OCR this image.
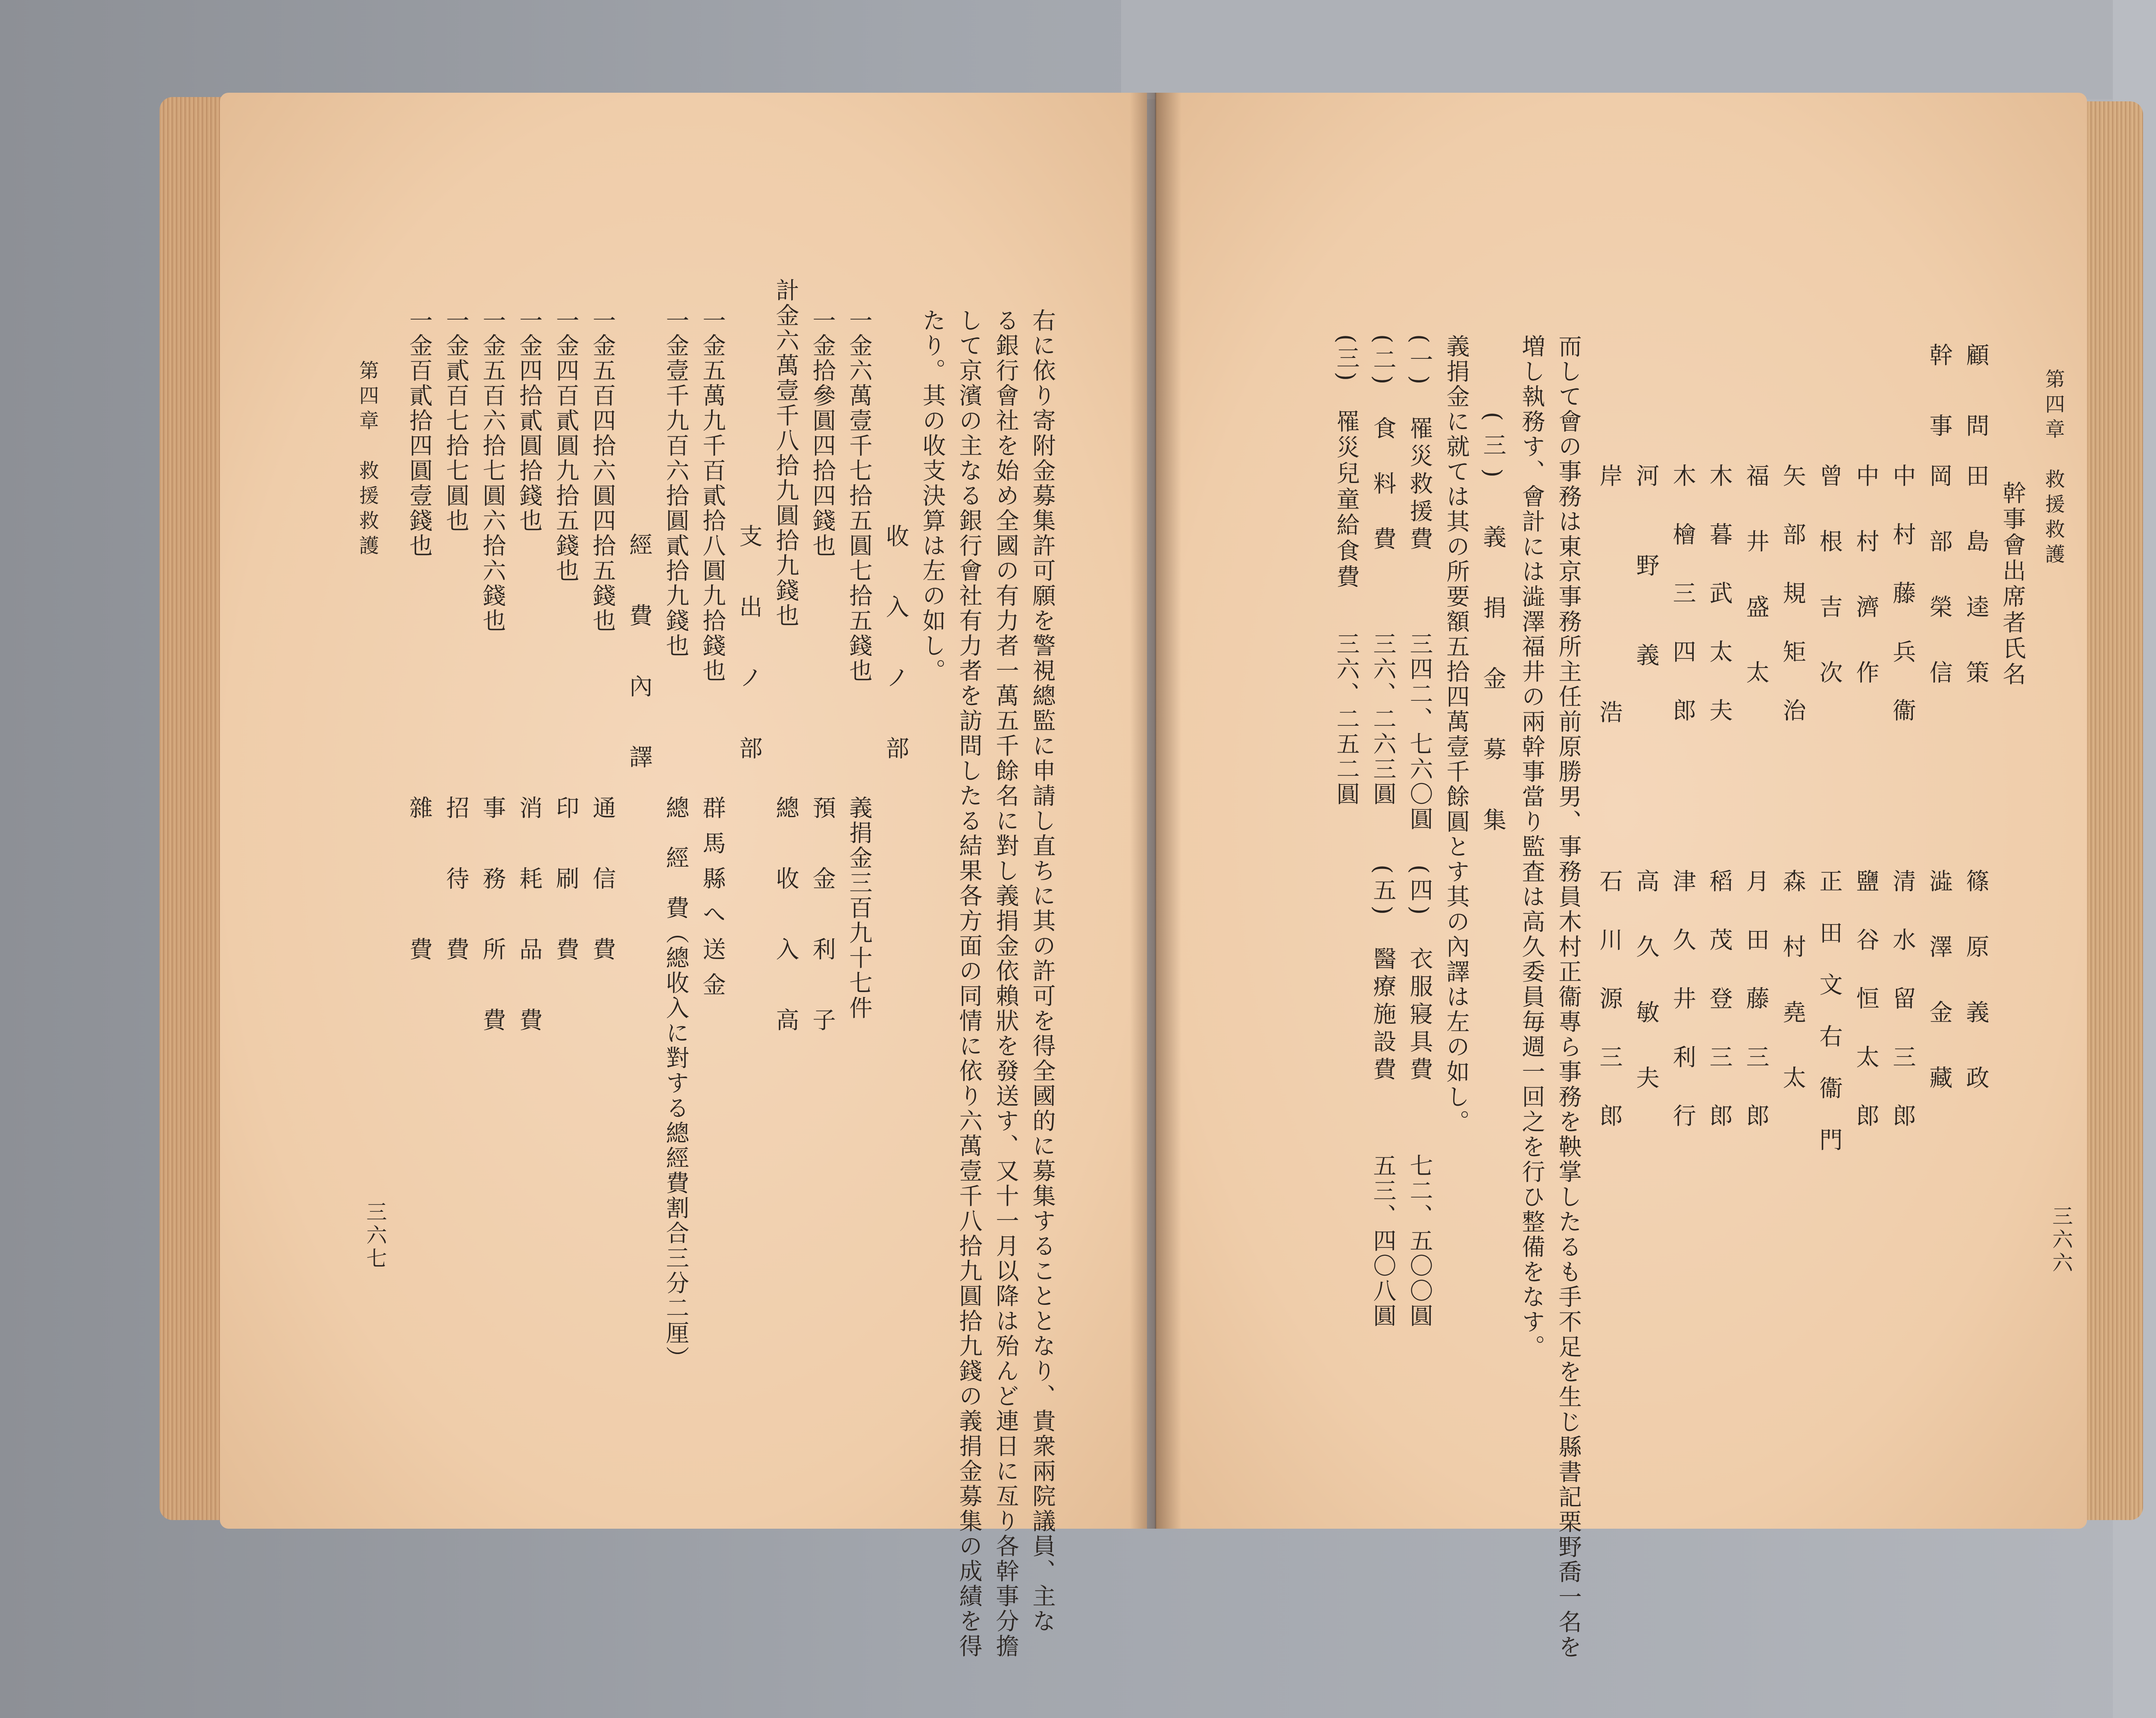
右に依り寄附金募集許可願を警視總監に申請し直ちに其の許可を得全國的に募集することとなり、貴衆兩院議員、主な
る銀行會社を始め全國の有力者一萬五千餘名に對し義捐金依賴狀を發送す、又十一月以降は殆んど連日に亙り各幹事分擔
して京濱の主なる銀行會社有力者を訪問したる結果各方面の同情に依り六萬壹千八拾九圓拾九錢の義捐金募集の成績を得
たり。其の收支決算は左の如し。
收　入　ノ　部
一金六萬壹千七拾五圓七拾五錢也
義捐金三百九十七件
一金拾參圓四拾四錢也
預　金　利　子
計金六萬壹千八拾九圓拾九錢也
總　收　入　高
支　出　ノ　部
一金五萬九千百貳拾八圓九拾錢也
群馬縣へ送金
一金壹千九百六拾圓貳拾九錢也
總　經　費（總收入に對する總經費割合三分二厘）
經　費　內　譯
一金五百四拾六圓四拾五錢也
通　信　費
一金四百貳圓九拾五錢也
印　刷　費
一金四拾貳圓拾錢也
消　耗　品　費
一金五百六拾七圓六拾六錢也
事　務　所　費
一金貳百七拾七圓也
招　待　費
一金百貳拾四圓壹錢也
雜　　　費
第四章　救援救護
三六七
第四章　救援救護
三六六
幹事會出席者氏名
顧　問
田　島　逵　策
篠　原　義　政
幹　事
岡　部　榮　信
澁　澤　金　藏
中　村　藤　兵　衞
清　水　留　三　郎
中　村　濟　作
鹽　谷　恒　太　郎
曾　根　吉　次
正　田　文　右　衞　門
矢　部　規　矩　治
森　村　堯　太
福　井　盛　太
月　田　藤　三　郎
木　暮　武　太　夫
稻　茂　登　三　郎
木　檜　三　四　郎
津　久　井　利　行
河　野　義
高　久　敏　夫
岸　浩
石　川　源　三　郎
而して會の事務は東京事務所主任前原勝男、事務員木村正衞專ら事務を鞅掌したるも手不足を生じ縣書記栗野喬一名を
増し執務す、會計には澁澤福井の兩幹事當り監査は高久委員毎週一回之を行ひ整備をなす。
(三)　義　捐　金　募　集
義捐金に就ては其の所要額五拾四萬壹千餘圓とす其の內譯は左の如し。
(一)　罹災救援費
三四二、七六〇圓
(二)　食　料　費
三六、二六三圓
(三)　罹災兒童給食費
三六、二五二圓
(四)　衣服寢具費
七二、五〇〇圓
(五)　醫療施設費
五三、四〇八圓
